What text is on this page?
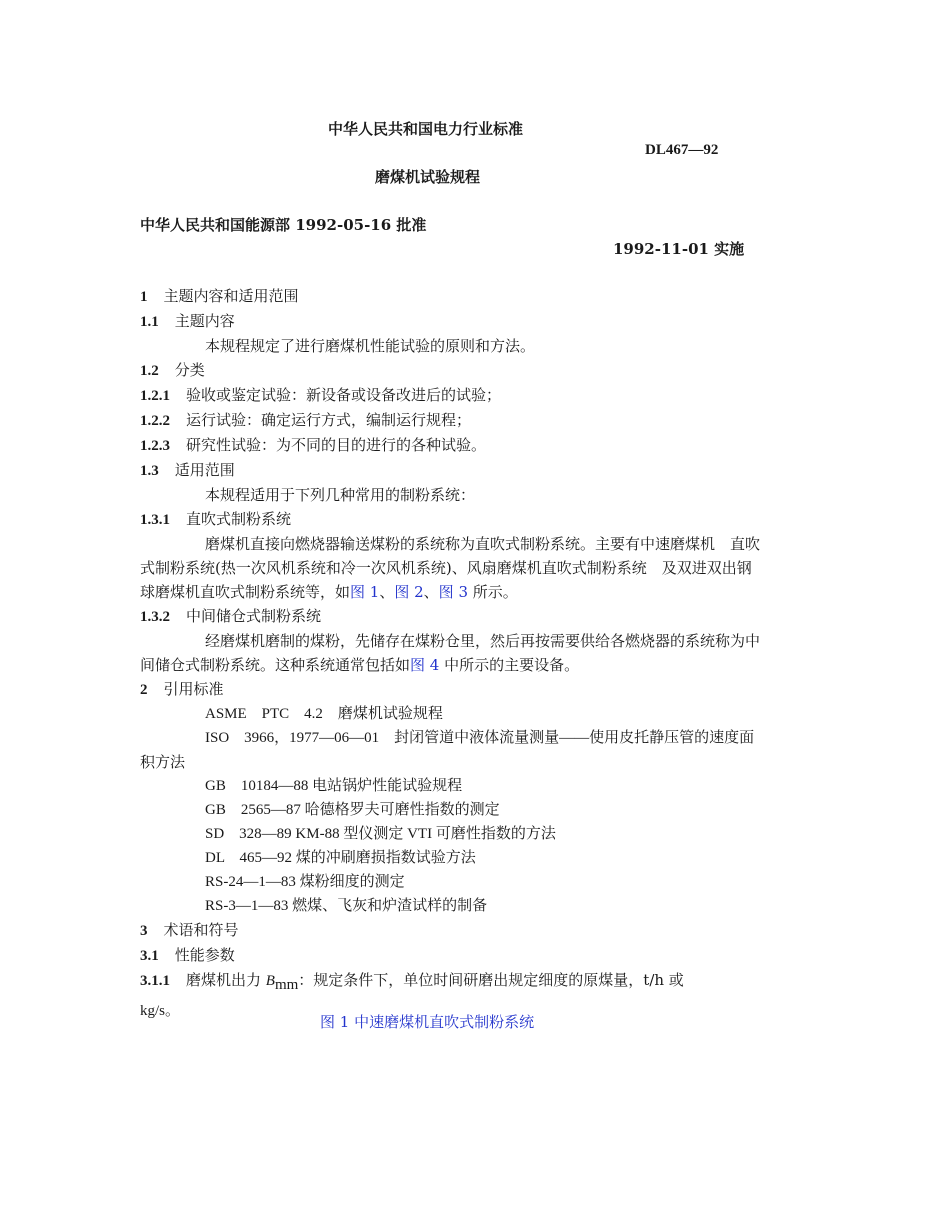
中华人民共和国电力行业标准
DL467—92
磨煤机试验规程
中华人民共和国能源部 1992-05-16 批准
1992-11-01 实施
1 主题内容和适用范围
1.1 主题内容
本规程规定了进行磨煤机性能试验的原则和方法。
1.2 分类
1.2.1 验收或鉴定试验：新设备或设备改进后的试验；
1.2.2 运行试验：确定运行方式，编制运行规程；
1.2.3 研究性试验：为不同的目的进行的各种试验。
1.3 适用范围
本规程适用于下列几种常用的制粉系统：
1.3.1 直吹式制粉系统
磨煤机直接向燃烧器输送煤粉的系统称为直吹式制粉系统。主要有中速磨煤机　直吹
式制粉系统(热一次风机系统和冷一次风机系统)、风扇磨煤机直吹式制粉系统　及双进双出钢
球磨煤机直吹式制粉系统等，如图 1、图 2、图 3 所示。
1.3.2 中间储仓式制粉系统
经磨煤机磨制的煤粉，先储存在煤粉仓里，然后再按需要供给各燃烧器的系统称为中
间储仓式制粉系统。这种系统通常包括如图 4 中所示的主要设备。
2 引用标准
ASME　PTC　4.2　磨煤机试验规程
ISO　3966，1977—06—01　封闭管道中液体流量测量——使用皮托静压管的速度面
积方法
GB　10184—88 电站锅炉性能试验规程
GB　2565—87 哈德格罗夫可磨性指数的测定
SD　328—89 KM-88 型仪测定 VTI 可磨性指数的方法
DL　465—92 煤的冲刷磨损指数试验方法
RS-24—1—83 煤粉细度的测定
RS-3—1—83 燃煤、飞灰和炉渣试样的制备
3 术语和符号
3.1 性能参数
3.1.1 磨煤机出力 Bmm：规定条件下，单位时间研磨出规定细度的原煤量，t/h 或
kg/s。
图 1 中速磨煤机直吹式制粉系统
